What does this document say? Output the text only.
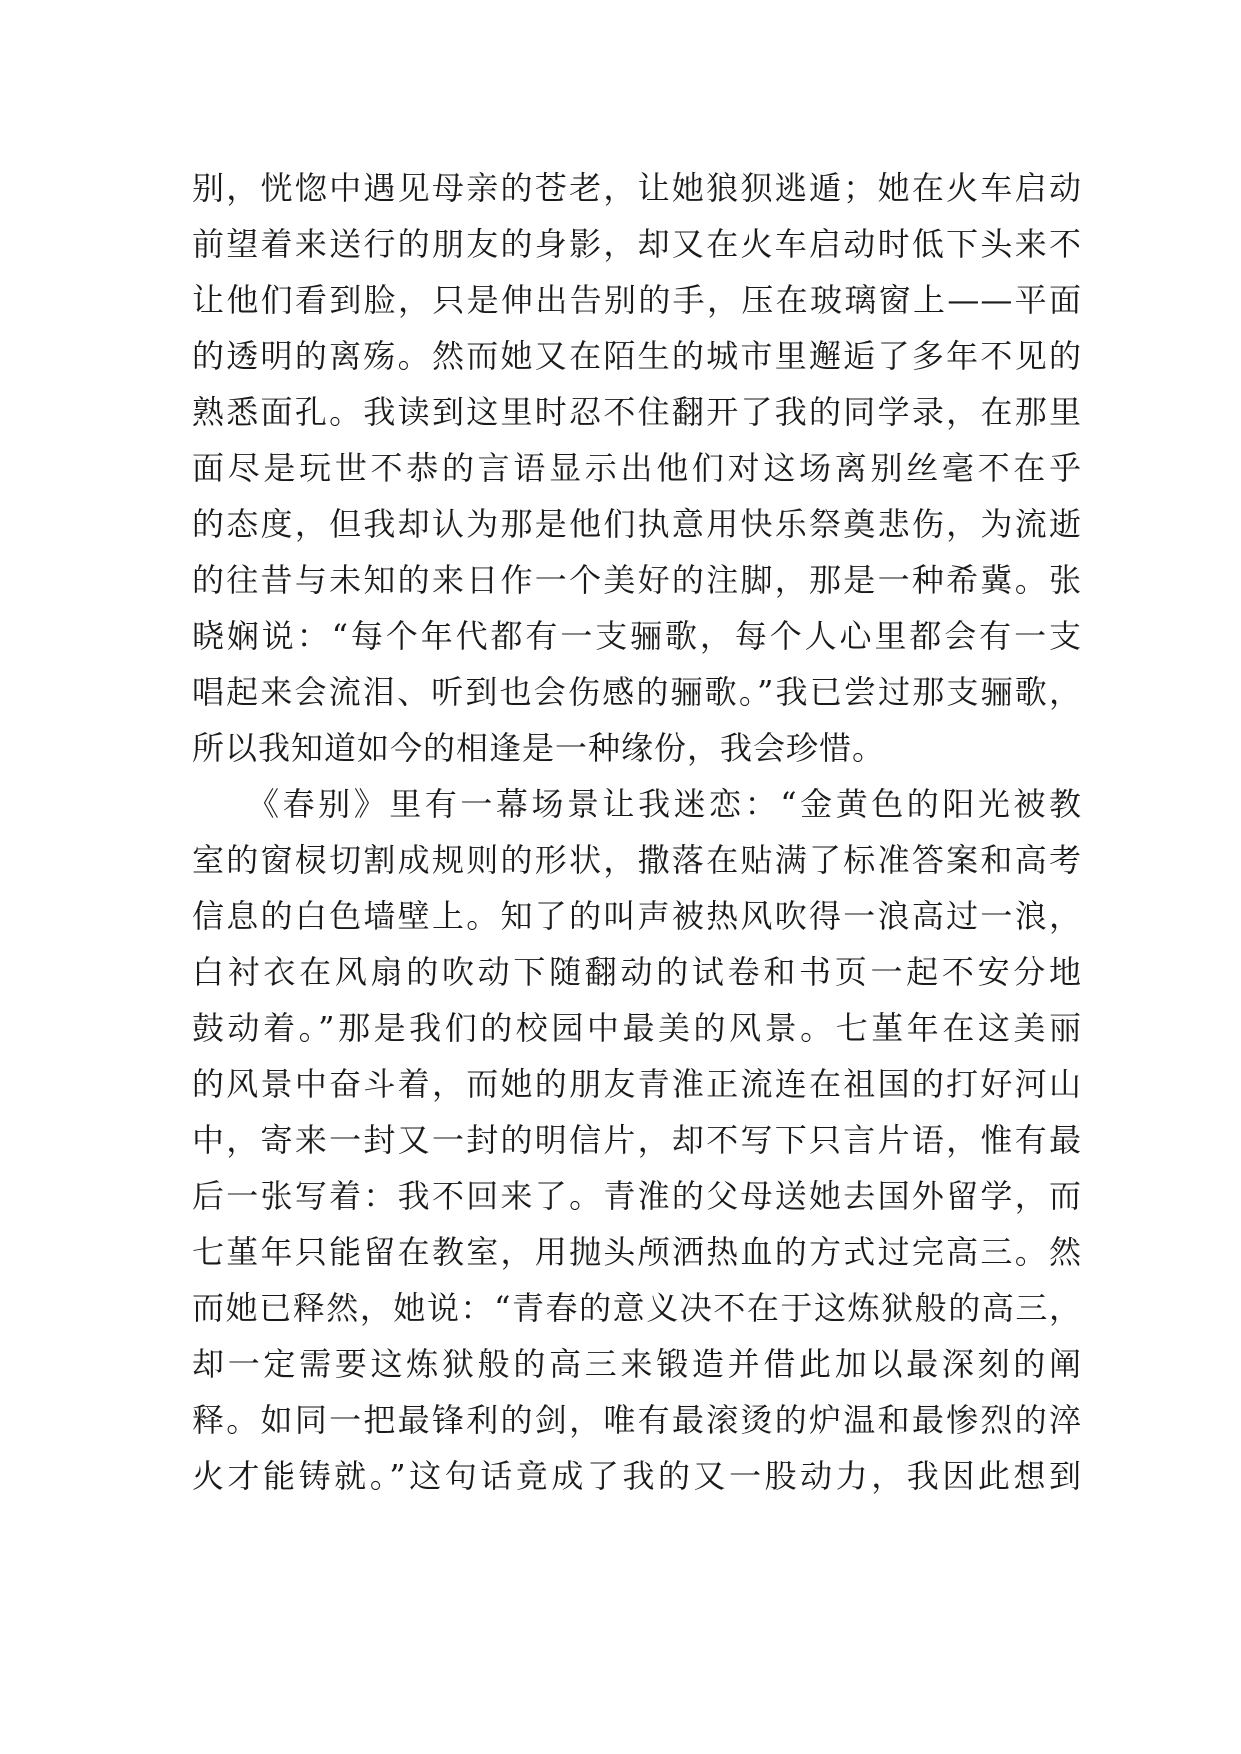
别，恍惚中遇见母亲的苍老，让她狼狈逃遁；她在火车启动
前望着来送行的朋友的身影，却又在火车启动时低下头来不
让他们看到脸，只是伸出告别的手，压在玻璃窗上——平面
的透明的离殇。然而她又在陌生的城市里邂逅了多年不见的
熟悉面孔。我读到这里时忍不住翻开了我的同学录，在那里
面尽是玩世不恭的言语显示出他们对这场离别丝毫不在乎
的态度，但我却认为那是他们执意用快乐祭奠悲伤，为流逝
的往昔与未知的来日作一个美好的注脚，那是一种希冀。张
晓娴说：“每个年代都有一支骊歌，每个人心里都会有一支
唱起来会流泪、听到也会伤感的骊歌。”我已尝过那支骊歌，
所以我知道如今的相逢是一种缘份，我会珍惜。
　　《春别》里有一幕场景让我迷恋：“金黄色的阳光被教
室的窗棂切割成规则的形状，撒落在贴满了标准答案和高考
信息的白色墙壁上。知了的叫声被热风吹得一浪高过一浪，
白衬衣在风扇的吹动下随翻动的试卷和书页一起不安分地
鼓动着。”那是我们的校园中最美的风景。七堇年在这美丽
的风景中奋斗着，而她的朋友青淮正流连在祖国的打好河山
中，寄来一封又一封的明信片，却不写下只言片语，惟有最
后一张写着：我不回来了。青淮的父母送她去国外留学，而
七堇年只能留在教室，用抛头颅洒热血的方式过完高三。然
而她已释然，她说：“青春的意义决不在于这炼狱般的高三，
却一定需要这炼狱般的高三来锻造并借此加以最深刻的阐
释。如同一把最锋利的剑，唯有最滚烫的炉温和最惨烈的淬
火才能铸就。”这句话竟成了我的又一股动力，我因此想到
